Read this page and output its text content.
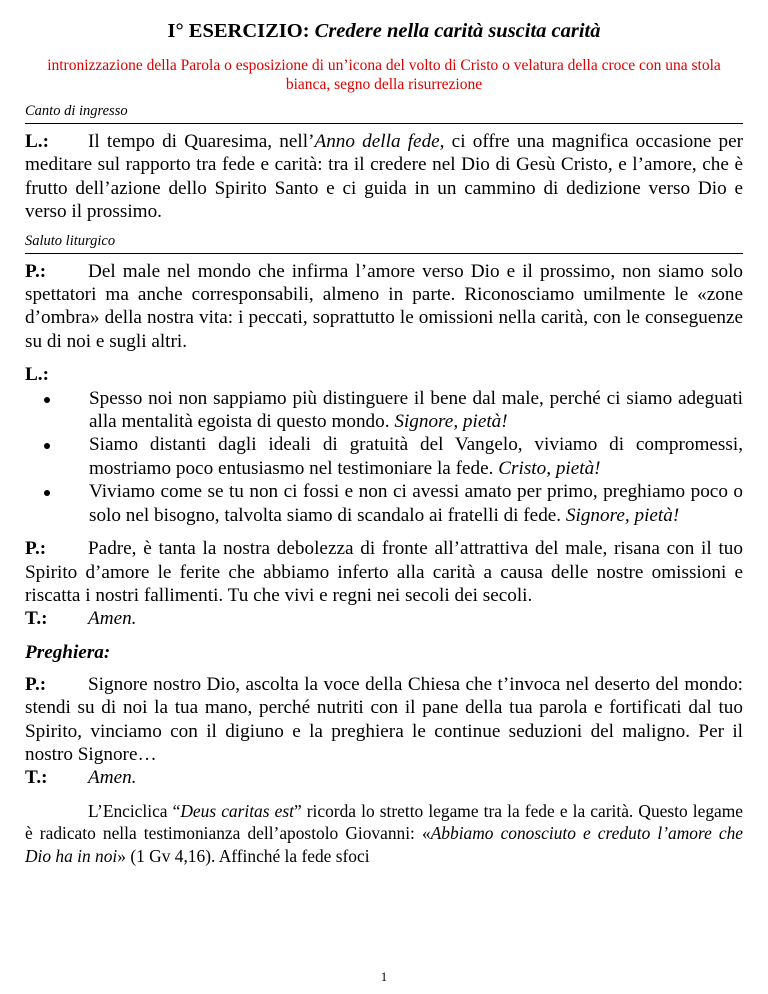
I° ESERCIZIO: Credere nella carità suscita carità
intronizzazione della Parola o esposizione di un’icona del volto di Cristo o velatura della croce con una stola bianca, segno della risurrezione
Canto di ingresso
L.: Il tempo di Quaresima, nell’Anno della fede, ci offre una magnifica occasione per meditare sul rapporto tra fede e carità: tra il credere nel Dio di Gesù Cristo, e l’amore, che è frutto dell’azione dello Spirito Santo e ci guida in un cammino di dedizione verso Dio e verso il prossimo.
Saluto liturgico
P.: Del male nel mondo che infirma l’amore verso Dio e il prossimo, non siamo solo spettatori ma anche corresponsabili, almeno in parte. Riconosciamo umilmente le «zone d’ombra» della nostra vita: i peccati, soprattutto le omissioni nella carità, con le conseguenze su di noi e sugli altri.
L.:
Spesso noi non sappiamo più distinguere il bene dal male, perché ci siamo adeguati alla mentalità egoista di questo mondo. Signore, pietà!
Siamo distanti dagli ideali di gratuità del Vangelo, viviamo di compromessi, mostriamo poco entusiasmo nel testimoniare la fede. Cristo, pietà!
Viviamo come se tu non ci fossi e non ci avessi amato per primo, preghiamo poco o solo nel bisogno, talvolta siamo di scandalo ai fratelli di fede. Signore, pietà!
P.: Padre, è tanta la nostra debolezza di fronte all’attrattiva del male, risana con il tuo Spirito d’amore le ferite che abbiamo inferto alla carità a causa delle nostre omissioni e riscatta i nostri fallimenti. Tu che vivi e regni nei secoli dei secoli.
T.: Amen.
Preghiera:
P.: Signore nostro Dio, ascolta la voce della Chiesa che t’invoca nel deserto del mondo: stendi su di noi la tua mano, perché nutriti con il pane della tua parola e fortificati dal tuo Spirito, vinciamo con il digiuno e la preghiera le continue seduzioni del maligno. Per il nostro Signore…
T.: Amen.
L’Enciclica “Deus caritas est” ricorda lo stretto legame tra la fede e la carità. Questo legame è radicato nella testimonianza dell’apostolo Giovanni: «Abbiamo conosciuto e creduto l’amore che Dio ha in noi» (1 Gv 4,16). Affinché la fede sfoci
1
